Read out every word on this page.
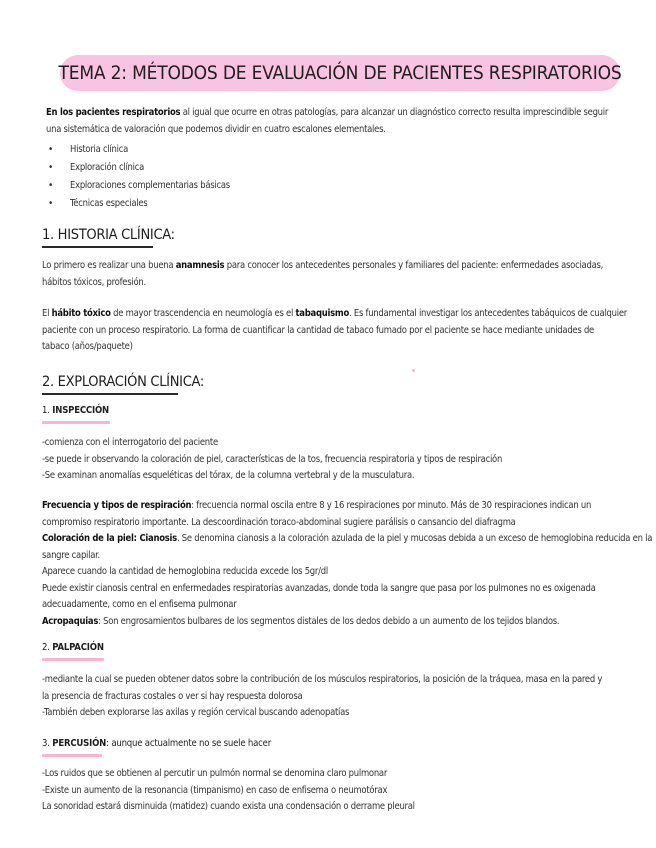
TEMA 2: MÉTODOS DE EVALUACIÓN DE PACIENTES RESPIRATORIOS
En los pacientes respiratorios al igual que ocurre en otras patologías, para alcanzar un diagnóstico correcto resulta imprescindible seguir
una sistemática de valoración que podemos dividir en cuatro escalones elementales.
• Historia clínica
• Exploración clínica
• Exploraciones complementarias básicas
• Técnicas especiales
1. HISTORIA CLÍNICA:
Lo primero es realizar una buena anamnesis para conocer los antecedentes personales y familiares del paciente: enfermedades asociadas,
hábitos tóxicos, profesión.
El hábito tóxico de mayor trascendencia en neumología es el tabaquismo. Es fundamental investigar los antecedentes tabáquicos de cualquier
paciente con un proceso respiratorio. La forma de cuantificar la cantidad de tabaco fumado por el paciente se hace mediante unidades de
tabaco (años/paquete)
2. EXPLORACIÓN CLÍNICA:
1. INSPECCIÓN
-comienza con el interrogatorio del paciente
-se puede ir observando la coloración de piel, características de la tos, frecuencia respiratoria y tipos de respiración
-Se examinan anomalías esqueléticas del tórax, de la columna vertebral y de la musculatura.
Frecuencia y tipos de respiración: frecuencia normal oscila entre 8 y 16 respiraciones por minuto. Más de 30 respiraciones indican un
compromiso respiratorio importante. La descoordinación toraco-abdominal sugiere parálisis o cansancio del diafragma
Coloración de la piel: Cianosis. Se denomina cianosis a la coloración azulada de la piel y mucosas debida a un exceso de hemoglobina reducida en la
sangre capilar.
Aparece cuando la cantidad de hemoglobina reducida excede los 5gr/dl
Puede existir cianosis central en enfermedades respiratorias avanzadas, donde toda la sangre que pasa por los pulmones no es oxigenada
adecuadamente, como en el enfisema pulmonar
Acropaquias: Son engrosamientos bulbares de los segmentos distales de los dedos debido a un aumento de los tejidos blandos.
2. PALPACIÓN
-mediante la cual se pueden obtener datos sobre la contribución de los músculos respiratorios, la posición de la tráquea, masa en la pared y
la presencia de fracturas costales o ver si hay respuesta dolorosa
-También deben explorarse las axilas y región cervical buscando adenopatías
3. PERCUSIÓN: aunque actualmente no se suele hacer
-Los ruidos que se obtienen al percutir un pulmón normal se denomina claro pulmonar
-Existe un aumento de la resonancia (timpanismo) en caso de enfisema o neumotórax
La sonoridad estará disminuida (matidez) cuando exista una condensación o derrame pleural
